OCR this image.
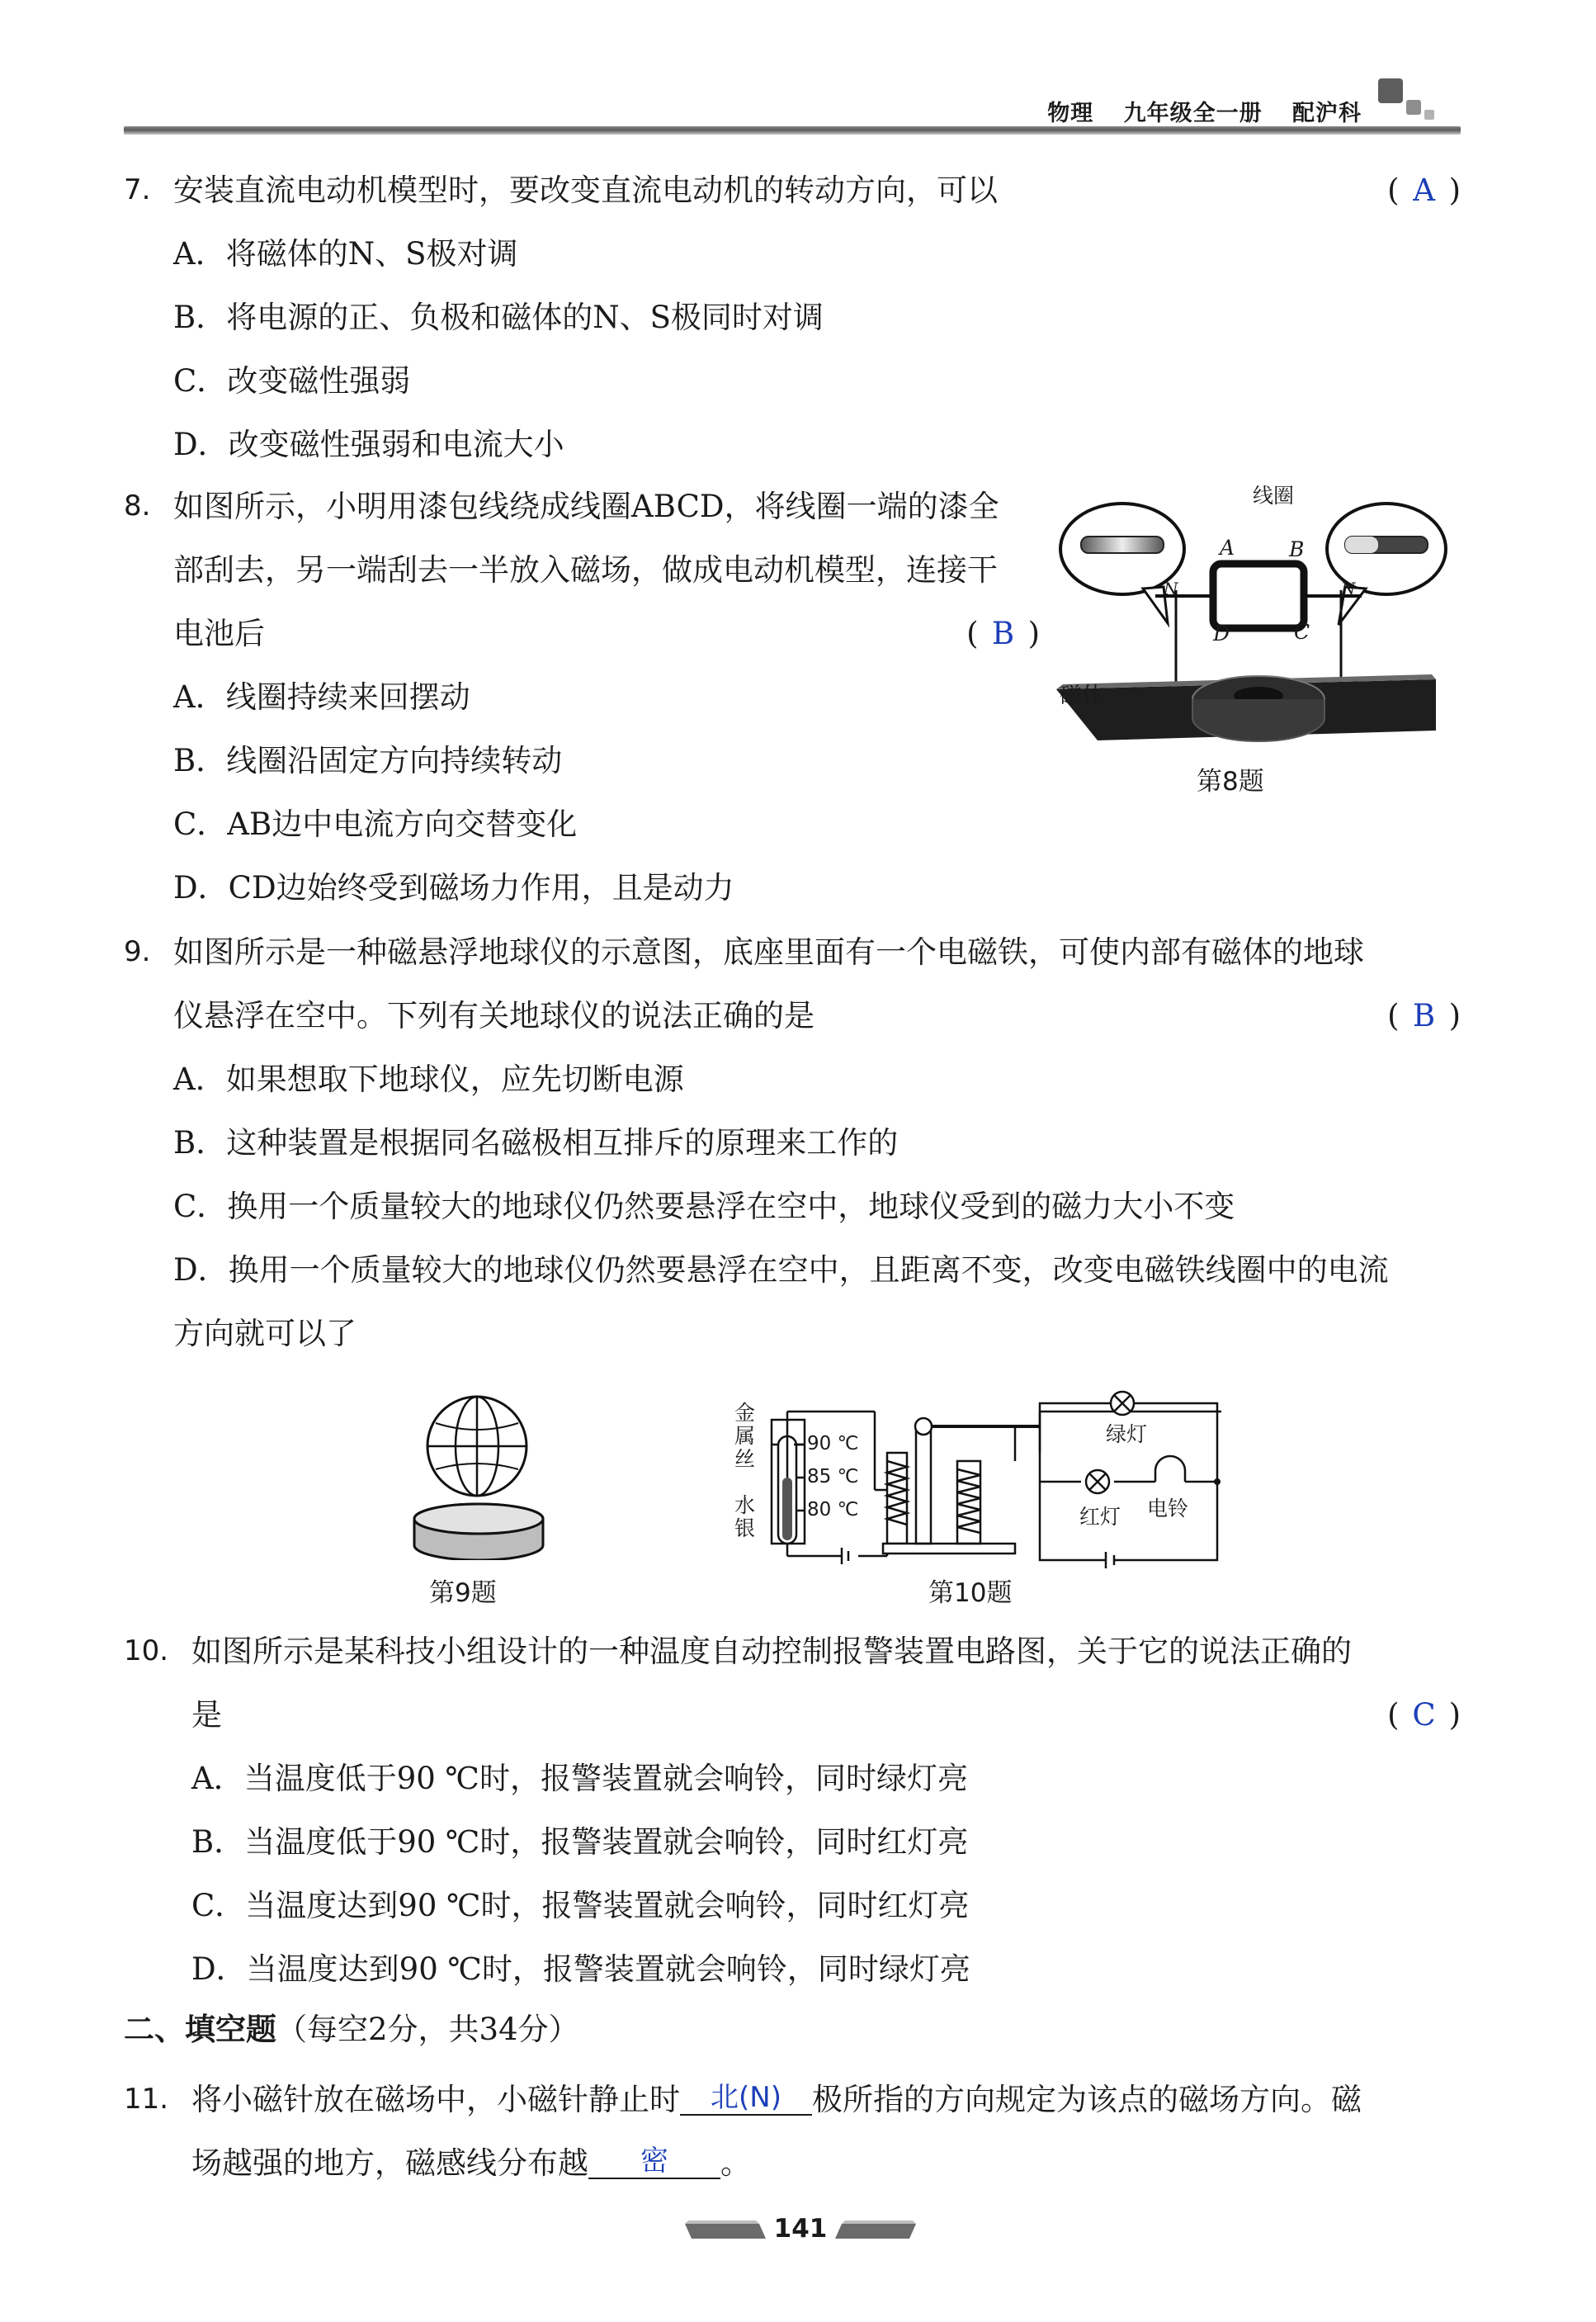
物理 九年级全一册 配沪科
7. 安装直流电动机模型时，要改变直流电动机的转动方向，可以	( A )
A．将磁体的N、S极对调
B．将电源的正、负极和磁体的N、S极同时对调
C．改变磁性强弱
D．改变磁性强弱和电流大小
8. 如图所示，小明用漆包线绕成线圈ABCD，将线圈一端的漆全
部刮去，另一端刮去一半放入磁场，做成电动机模型，连接干
电池后	( B )
A．线圈持续来回摆动
B．线圈沿固定方向持续转动
C．AB边中电流方向交替变化
D．CD边始终受到磁场力作用，且是动力
线圈
A	B
D	C
N	N
磁体
第8题
9. 如图所示是一种磁悬浮地球仪的示意图，底座里面有一个电磁铁，可使内部有磁体的地球
仪悬浮在空中。下列有关地球仪的说法正确的是	( B )
A．如果想取下地球仪，应先切断电源
B．这种装置是根据同名磁极相互排斥的原理来工作的
C．换用一个质量较大的地球仪仍然要悬浮在空中，地球仪受到的磁力大小不变
D．换用一个质量较大的地球仪仍然要悬浮在空中，且距离不变，改变电磁铁线圈中的电流
方向就可以了
第9题
金属丝
水银
90 ℃
85 ℃
80 ℃
绿灯
红灯 电铃
第10题
10. 如图所示是某科技小组设计的一种温度自动控制报警装置电路图，关于它的说法正确的
是	( C )
A．当温度低于90 ℃时，报警装置就会响铃，同时绿灯亮
B．当温度低于90 ℃时，报警装置就会响铃，同时红灯亮
C．当温度达到90 ℃时，报警装置就会响铃，同时红灯亮
D．当温度达到90 ℃时，报警装置就会响铃，同时绿灯亮
二、填空题（每空2分，共34分）
11. 将小磁针放在磁场中，小磁针静止时 北(N) 极所指的方向规定为该点的磁场方向。磁
场越强的地方，磁感线分布越 密 。
141
